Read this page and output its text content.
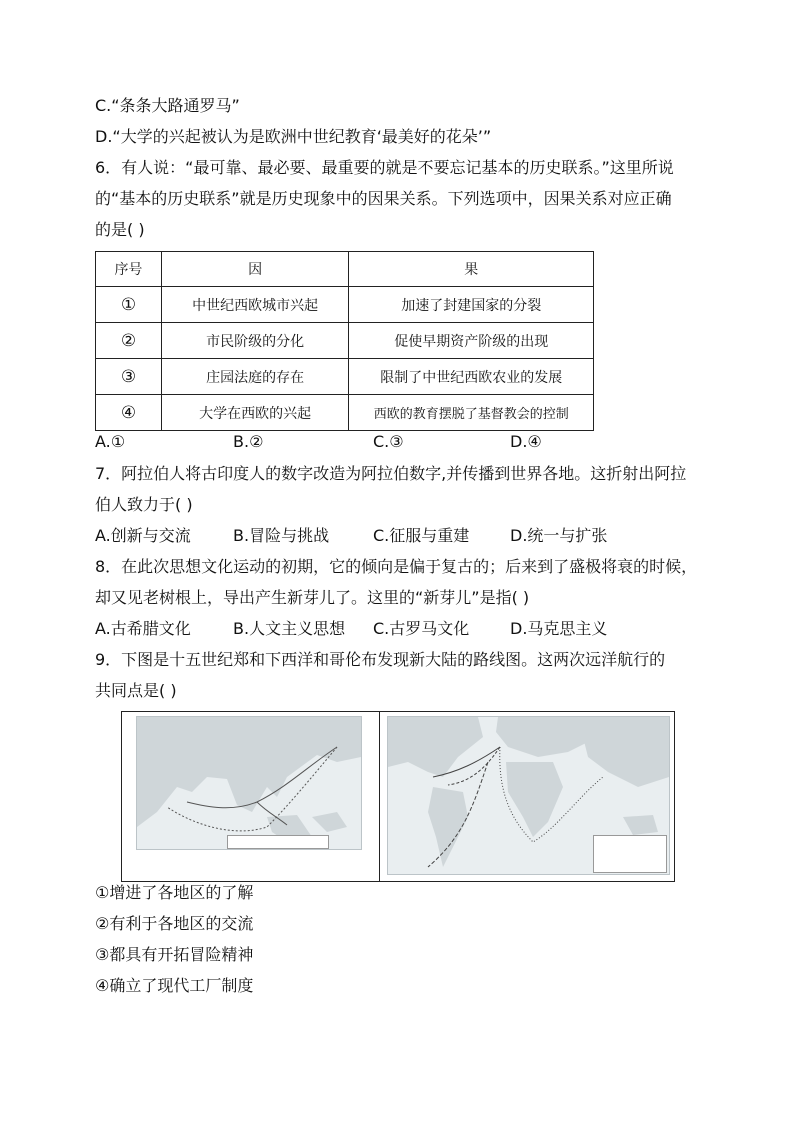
C.“条条大路通罗马”
D.“大学的兴起被认为是欧洲中世纪教育‘最美好的花朵’”
6．有人说：“最可靠、最必要、最重要的就是不要忘记基本的历史联系。”这里所说
的“基本的历史联系”就是历史现象中的因果关系。下列选项中，因果关系对应正确
的是( )
序号	因	果
①	中世纪西欧城市兴起	加速了封建国家的分裂
②	市民阶级的分化	促使早期资产阶级的出现
③	庄园法庭的存在	限制了中世纪西欧农业的发展
④	大学在西欧的兴起	西欧的教育摆脱了基督教会的控制
A.①	B.②	C.③	D.④
7．阿拉伯人将古印度人的数字改造为阿拉伯数字,并传播到世界各地。这折射出阿拉
伯人致力于( )
A.创新与交流	B.冒险与挑战	C.征服与重建	D.统一与扩张
8．在此次思想文化运动的初期，它的倾向是偏于复古的；后来到了盛极将衰的时候，
却又见老树根上，导出产生新芽儿了。这里的“新芽儿”是指( )
A.古希腊文化	B.人文主义思想 C.古罗马文化	D.马克思主义
9．下图是十五世纪郑和下西洋和哥伦布发现新大陆的路线图。这两次远洋航行的
共同点是( )
①增进了各地区的了解
②有利于各地区的交流
③都具有开拓冒险精神
④确立了现代工厂制度
